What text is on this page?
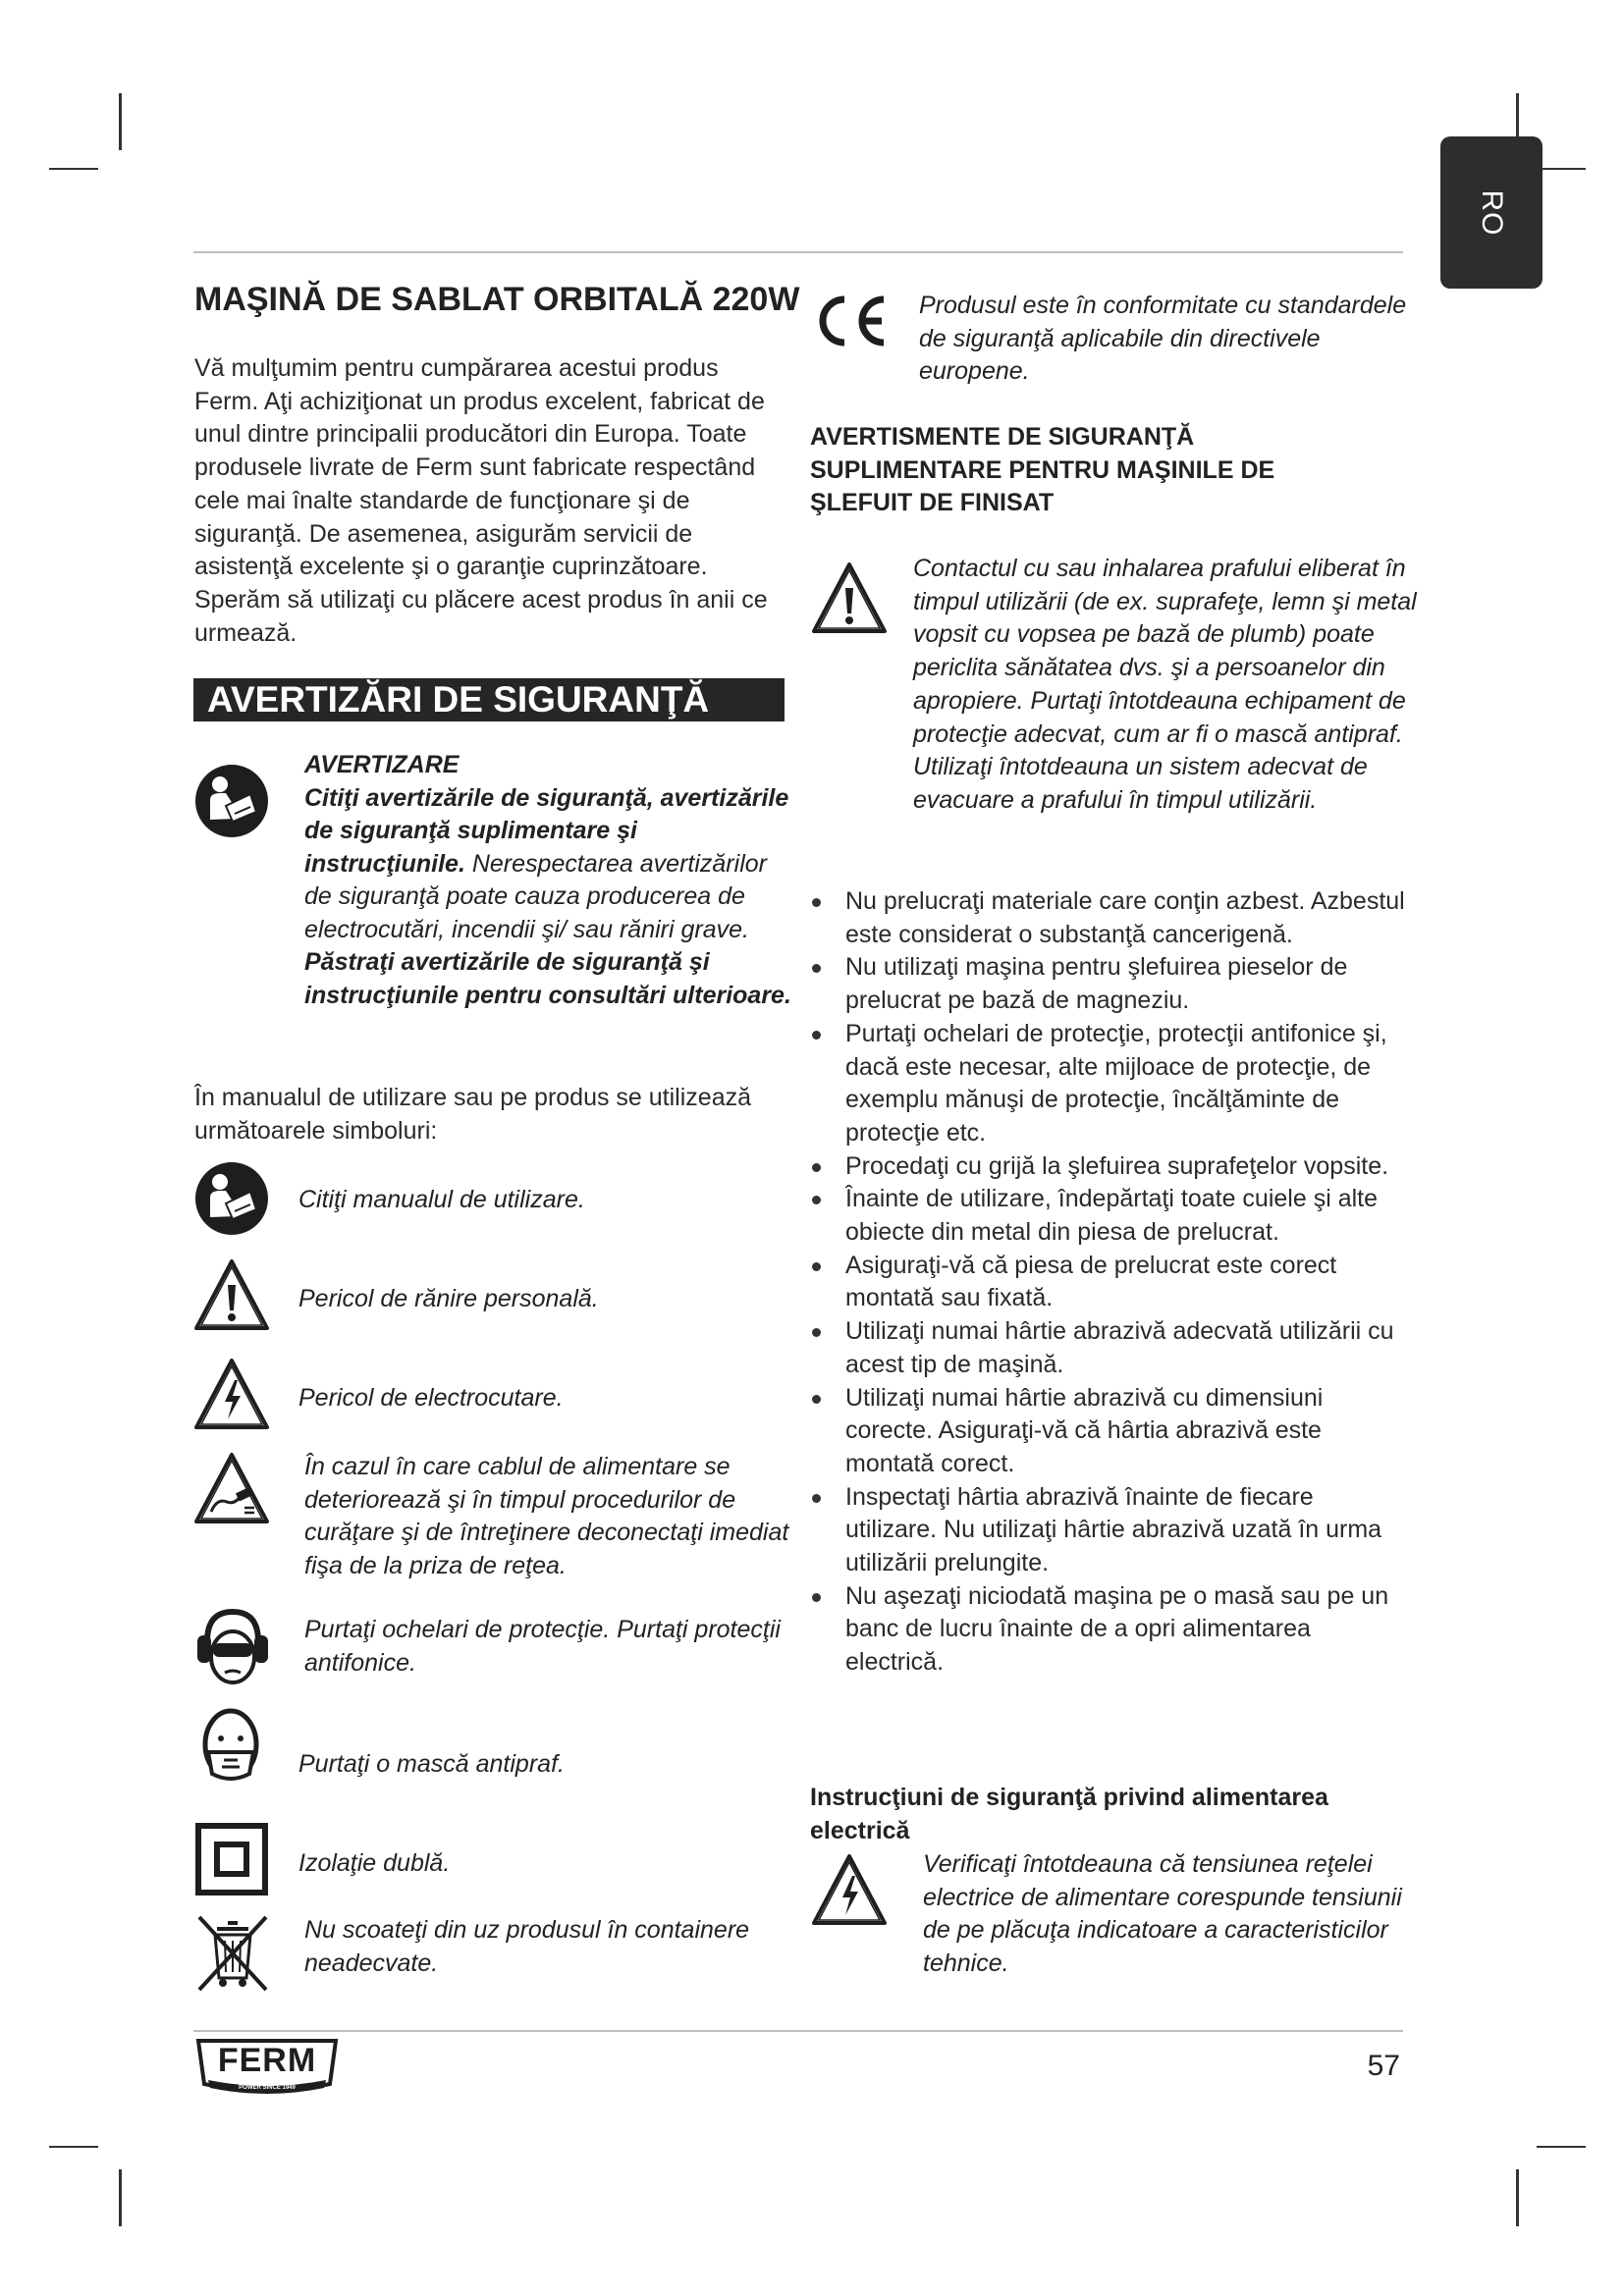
RO
MAŞINĂ DE SABLAT ORBITALĂ 220W

Vă mulţumim pentru cumpărarea acestui produs Ferm. Aţi achiziţionat un produs excelent, fabricat de unul dintre principalii producători din Europa. Toate produsele livrate de Ferm sunt fabricate respectând cele mai înalte standarde de funcţionare şi de siguranţă. De asemenea, asigurăm servicii de asistenţă excelente şi o garanţie cuprinzătoare. Sperăm să utilizaţi cu plăcere acest produs în anii ce urmează.

AVERTIZĂRI DE SIGURANŢĂ

AVERTIZARE

Citiţi avertizările de siguranţă, avertizările de siguranţă suplimentare şi instrucţiunile. Nerespectarea avertizărilor de siguranţă poate cauza producerea de electrocutări, incendii şi/ sau răniri grave. Păstraţi avertizările de siguranţă şi instrucţiunile pentru consultări ulterioare.

În manualul de utilizare sau pe produs se utilizează următoarele simboluri:

Citiţi manualul de utilizare.

Pericol de rănire personală.

Pericol de electrocutare.

În cazul în care cablul de alimentare se deteriorează şi în timpul procedurilor de curăţare şi de întreţinere deconectaţi imediat fişa de la priza de reţea.

Purtaţi ochelari de protecţie. Purtaţi protecţii antifonice.

Purtaţi o mască antipraf.

Izolaţie dublă.

Nu scoateţi din uz produsul în containere neadecvate.

Produsul este în conformitate cu standardele de siguranţă aplicabile din directivele europene.

AVERTISMENTE DE SIGURANŢĂ SUPLIMENTARE PENTRU MAŞINILE DE ŞLEFUIT DE FINISAT

Contactul cu sau inhalarea prafului eliberat în timpul utilizării (de ex. suprafeţe, lemn şi metal vopsit cu vopsea pe bază de plumb) poate periclita sănătatea dvs. şi a persoanelor din apropiere. Purtaţi întotdeauna echipament de protecţie adecvat, cum ar fi o mască antipraf. Utilizaţi întotdeauna un sistem adecvat de evacuare a prafului în timpul utilizării.

Nu prelucraţi materiale care conţin azbest. Azbestul este considerat o substanţă cancerigenă.
Nu utilizaţi maşina pentru şlefuirea pieselor de prelucrat pe bază de magneziu.
Purtaţi ochelari de protecţie, protecţii antifonice şi, dacă este necesar, alte mijloace de protecţie, de exemplu mănuşi de protecţie, încălţăminte de protecţie etc.
Procedaţi cu grijă la şlefuirea suprafeţelor vopsite.
Înainte de utilizare, îndepărtaţi toate cuiele şi alte obiecte din metal din piesa de prelucrat.
Asiguraţi-vă că piesa de prelucrat este corect montată sau fixată.
Utilizaţi numai hârtie abrazivă adecvată utilizării cu acest tip de maşină.
Utilizaţi numai hârtie abrazivă cu dimensiuni corecte. Asiguraţi-vă că hârtia abrazivă este montată corect.
Inspectaţi hârtia abrazivă înainte de fiecare utilizare. Nu utilizaţi hârtie abrazivă uzată în urma utilizării prelungite.
Nu aşezaţi niciodată maşina pe o masă sau pe un banc de lucru înainte de a opri alimentarea electrică.

Instrucţiuni de siguranţă privind alimentarea electrică

Verificaţi întotdeauna că tensiunea reţelei electrice de alimentare corespunde tensiunii de pe plăcuţa indicatoare a caracteristicilor tehnice.

FERM
POWER SINCE 1949
57
